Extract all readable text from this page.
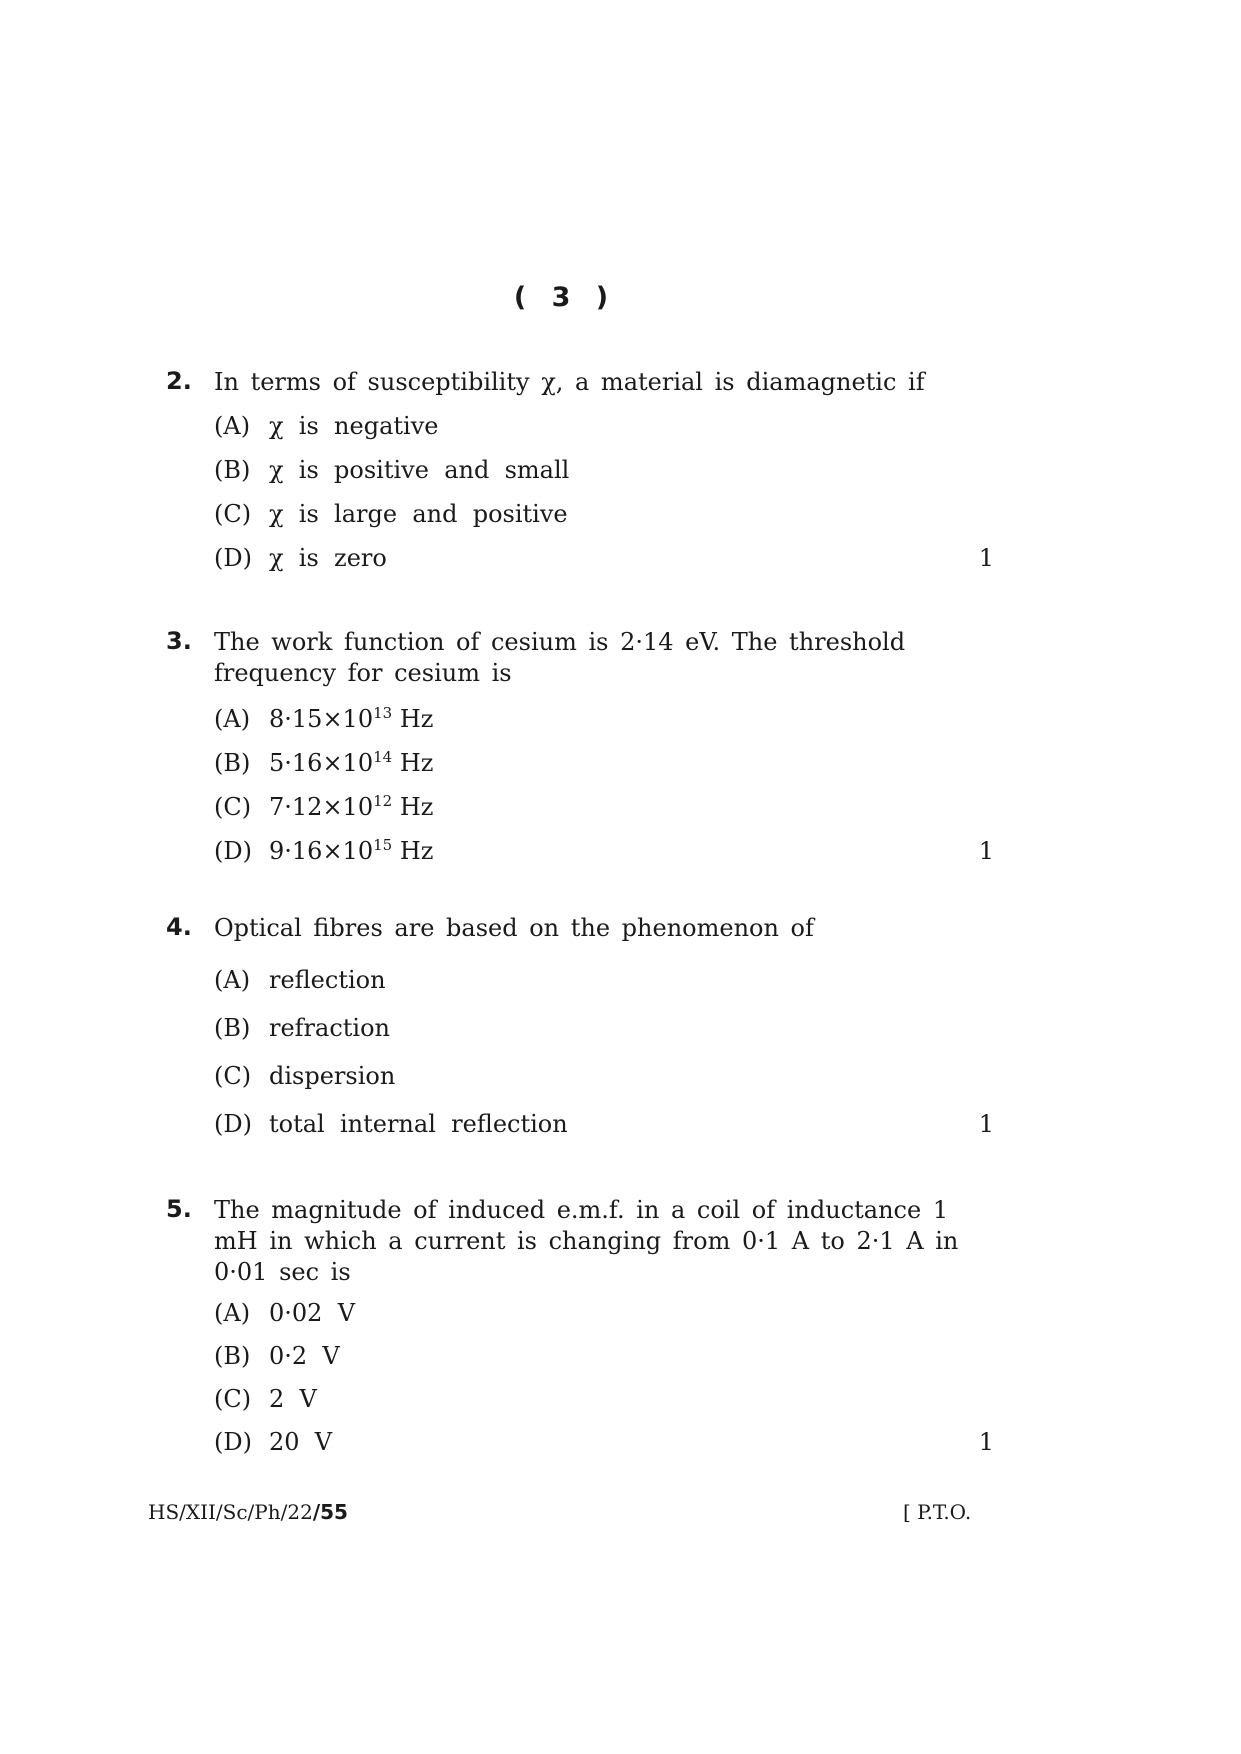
( 3 )
2. In terms of susceptibility χ, a material is diamagnetic if
(A) χ  is  negative
(B) χ  is  positive  and  small
(C) χ  is  large  and  positive
(D) χ  is  zero	1
3. The work function of cesium is 2·14 eV. The threshold frequency for cesium is
(A) $8\cdot 15\times 10^{13}$ Hz
(B) $5\cdot 16\times 10^{14}$ Hz
(C) $7\cdot 12\times 10^{12}$ Hz
(D) $9\cdot 16\times 10^{15}$ Hz	1
4. Optical fibres are based on the phenomenon of
(A) reflection
(B) refraction
(C) dispersion
(D) total  internal  reflection	1
5. The magnitude of induced e.m.f. in a coil of inductance 1 mH in which a current is changing from 0·1 A to 2·1 A in 0·01 sec is
(A) 0·02  V
(B) 0·2  V
(C) 2  V
(D) 20  V	1
HS/XII/Sc/Ph/22/55	[ P.T.O.
